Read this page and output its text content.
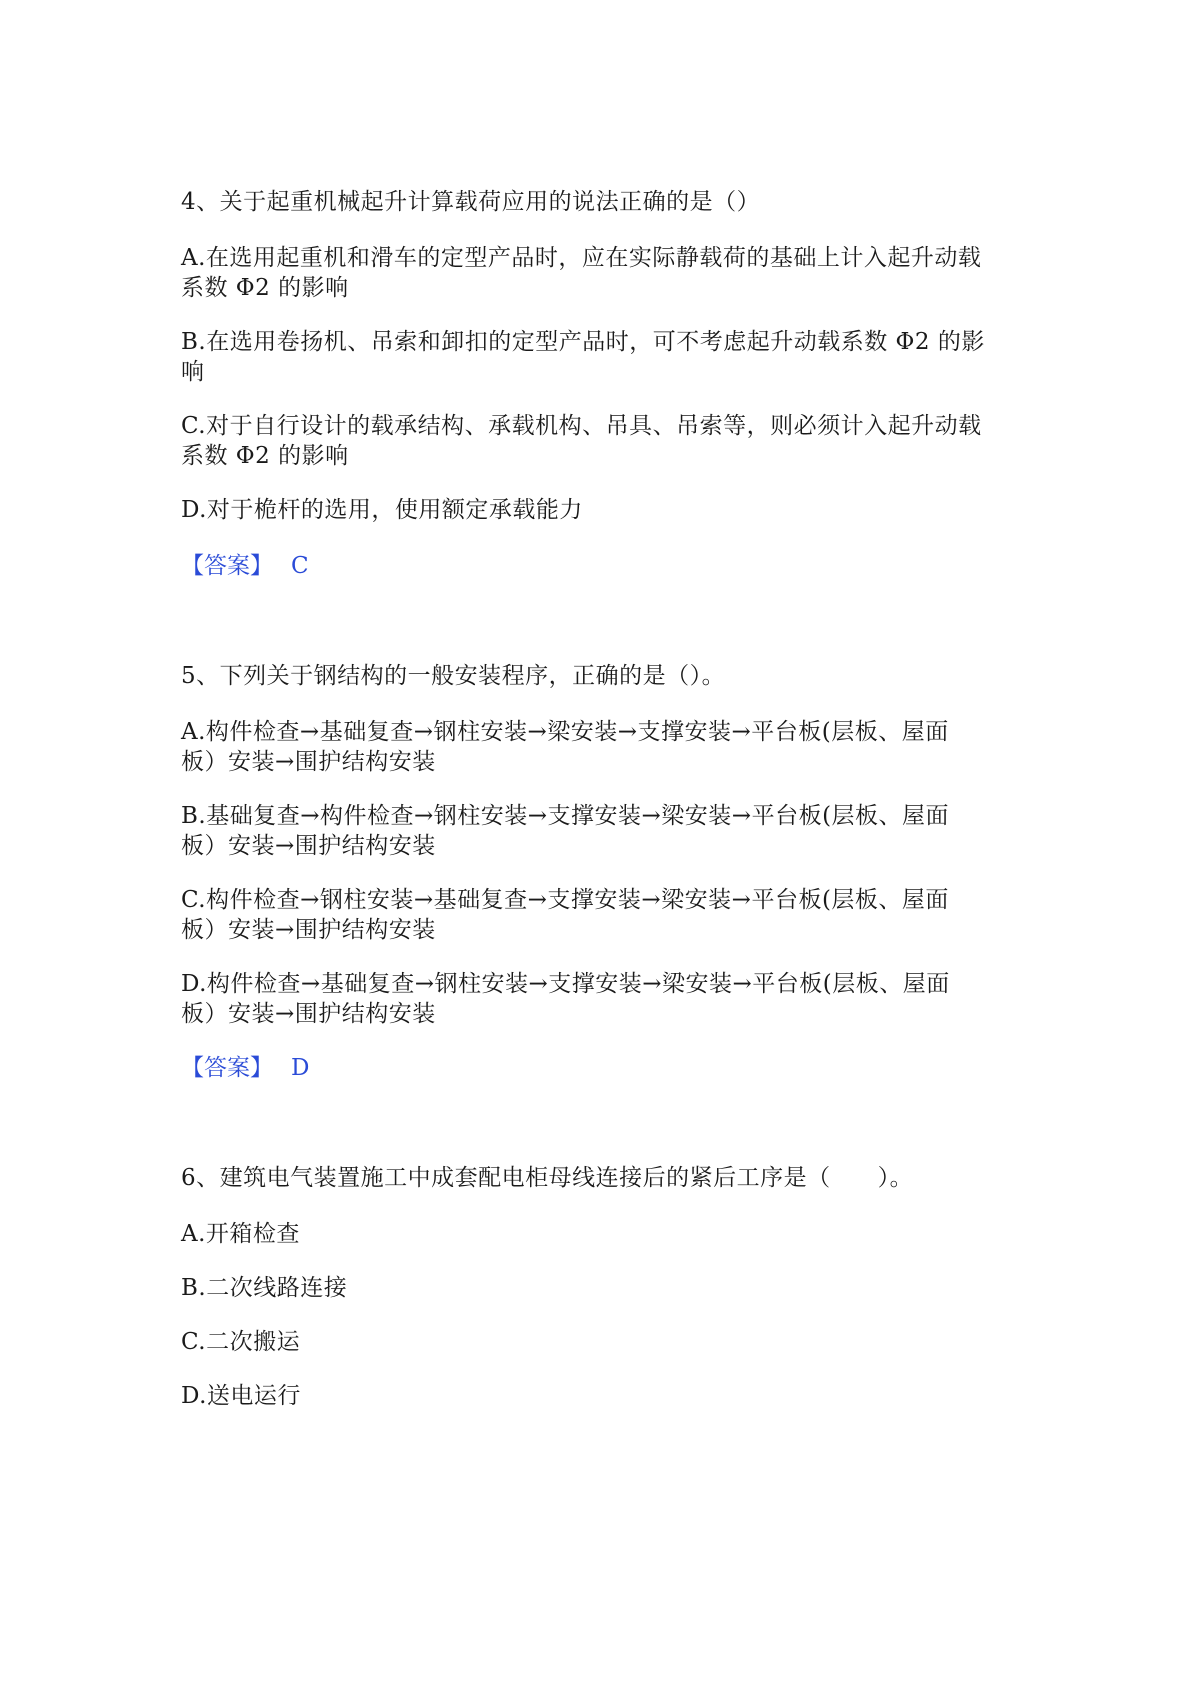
4、关于起重机械起升计算载荷应用的说法正确的是（）
A.在选用起重机和滑车的定型产品时，应在实际静载荷的基础上计入起升动载
系数 Φ2 的影响
B.在选用卷扬机、吊索和卸扣的定型产品时，可不考虑起升动载系数 Φ2 的影
响
C.对于自行设计的载承结构、承载机构、吊具、吊索等，则必须计入起升动载
系数 Φ2 的影响
D.对于桅杆的选用，使用额定承载能力
【答案】 C
5、下列关于钢结构的一般安装程序，正确的是（）。
A.构件检查→基础复查→钢柱安装→梁安装→支撑安装→平台板(层板、屋面
板）安装→围护结构安装
B.基础复查→构件检查→钢柱安装→支撑安装→梁安装→平台板(层板、屋面
板）安装→围护结构安装
C.构件检查→钢柱安装→基础复查→支撑安装→梁安装→平台板(层板、屋面
板）安装→围护结构安装
D.构件检查→基础复查→钢柱安装→支撑安装→梁安装→平台板(层板、屋面
板）安装→围护结构安装
【答案】 D
6、建筑电气装置施工中成套配电柜母线连接后的紧后工序是（　　）。
A.开箱检查
B.二次线路连接
C.二次搬运
D.送电运行
